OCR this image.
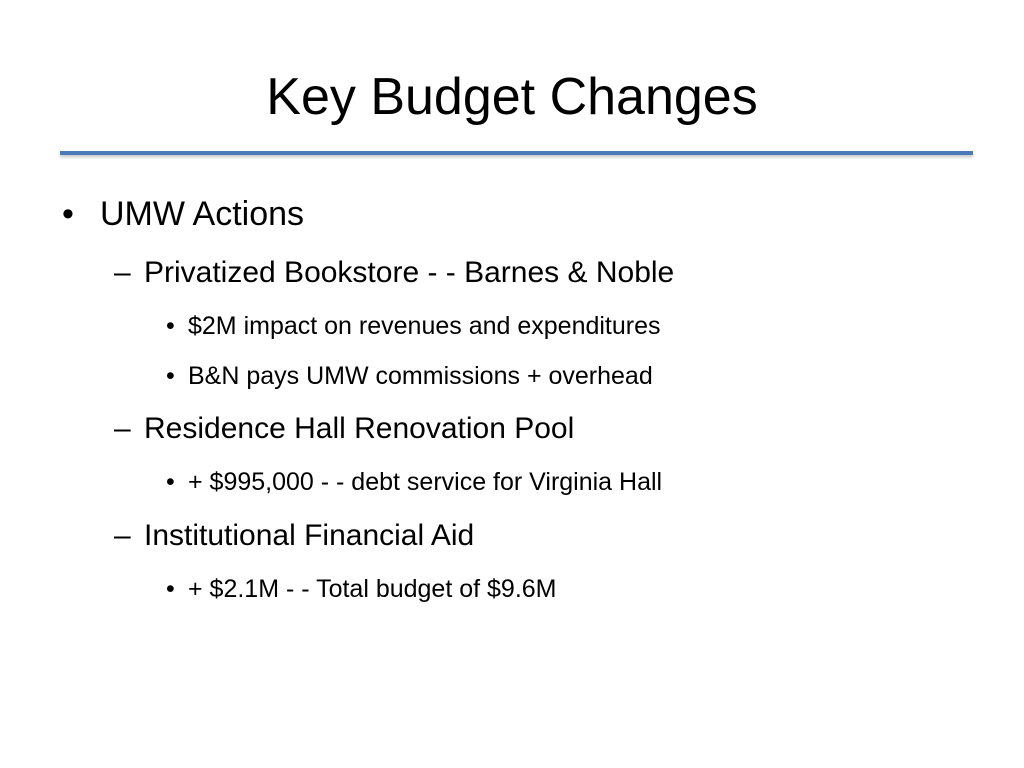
Key Budget Changes
• UMW Actions
– Privatized Bookstore - - Barnes & Noble
• $2M impact on revenues and expenditures
• B&N pays UMW commissions + overhead
– Residence Hall Renovation Pool
• + $995,000 - - debt service for Virginia Hall
– Institutional Financial Aid
• + $2.1M - - Total budget of $9.6M
